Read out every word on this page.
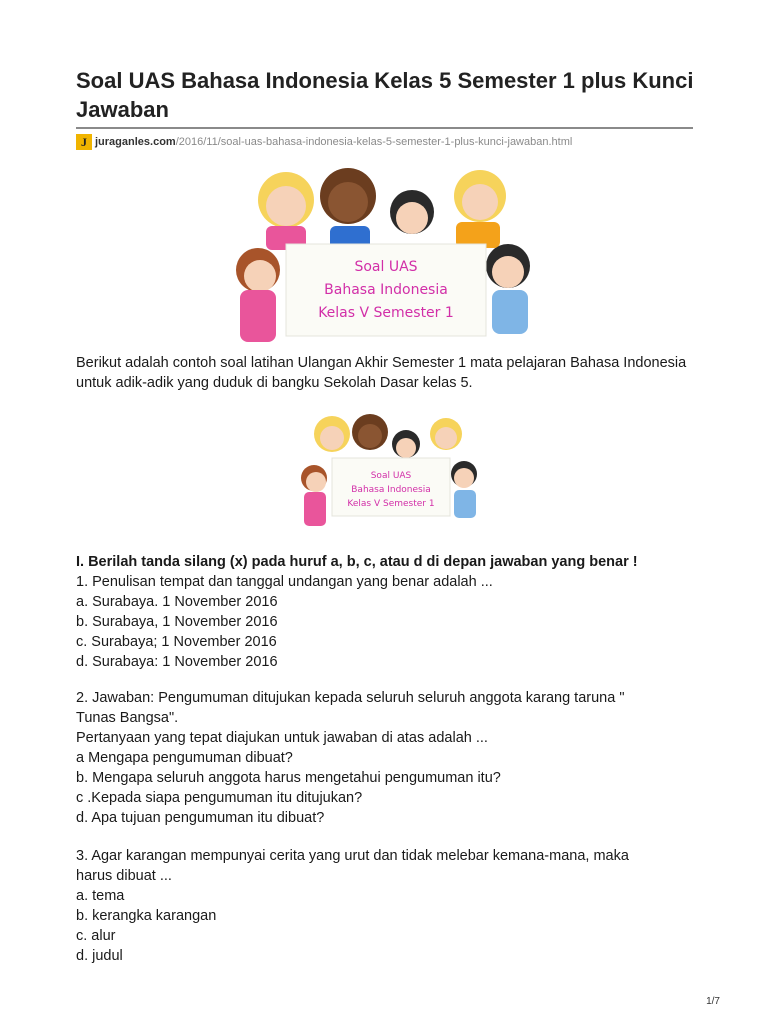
Soal UAS Bahasa Indonesia Kelas 5 Semester 1 plus Kunci Jawaban
J juraganles.com /2016/11/soal-uas-bahasa-indonesia-kelas-5-semester-1-plus-kunci-jawaban.html
Soal UAS
Bahasa Indonesia
Kelas V Semester 1

Berikut adalah contoh soal latihan Ulangan Akhir Semester 1 mata pelajaran Bahasa Indonesia untuk adik-adik yang duduk di bangku Sekolah Dasar kelas 5.

Soal UAS
Bahasa Indonesia
Kelas V Semester 1

I. Berilah tanda silang (x) pada huruf a, b, c, atau d di depan jawaban yang benar !

1. Penulisan tempat dan tanggal undangan yang benar adalah ...
a. Surabaya. 1 November 2016
b. Surabaya, 1 November 2016
c. Surabaya; 1 November 2016
d. Surabaya: 1 November 2016
2. Jawaban: Pengumuman ditujukan kepada seluruh seluruh anggota karang taruna "
Tunas Bangsa".
Pertanyaan yang tepat diajukan untuk jawaban di atas adalah ...
a Mengapa pengumuman dibuat?
b. Mengapa seluruh anggota harus mengetahui pengumuman itu?
c .Kepada siapa pengumuman itu ditujukan?
d. Apa tujuan pengumuman itu dibuat?
3. Agar karangan mempunyai cerita yang urut dan tidak melebar kemana-mana, maka
harus dibuat ...
a. tema
b. kerangka karangan
c. alur
d. judul
1/7
